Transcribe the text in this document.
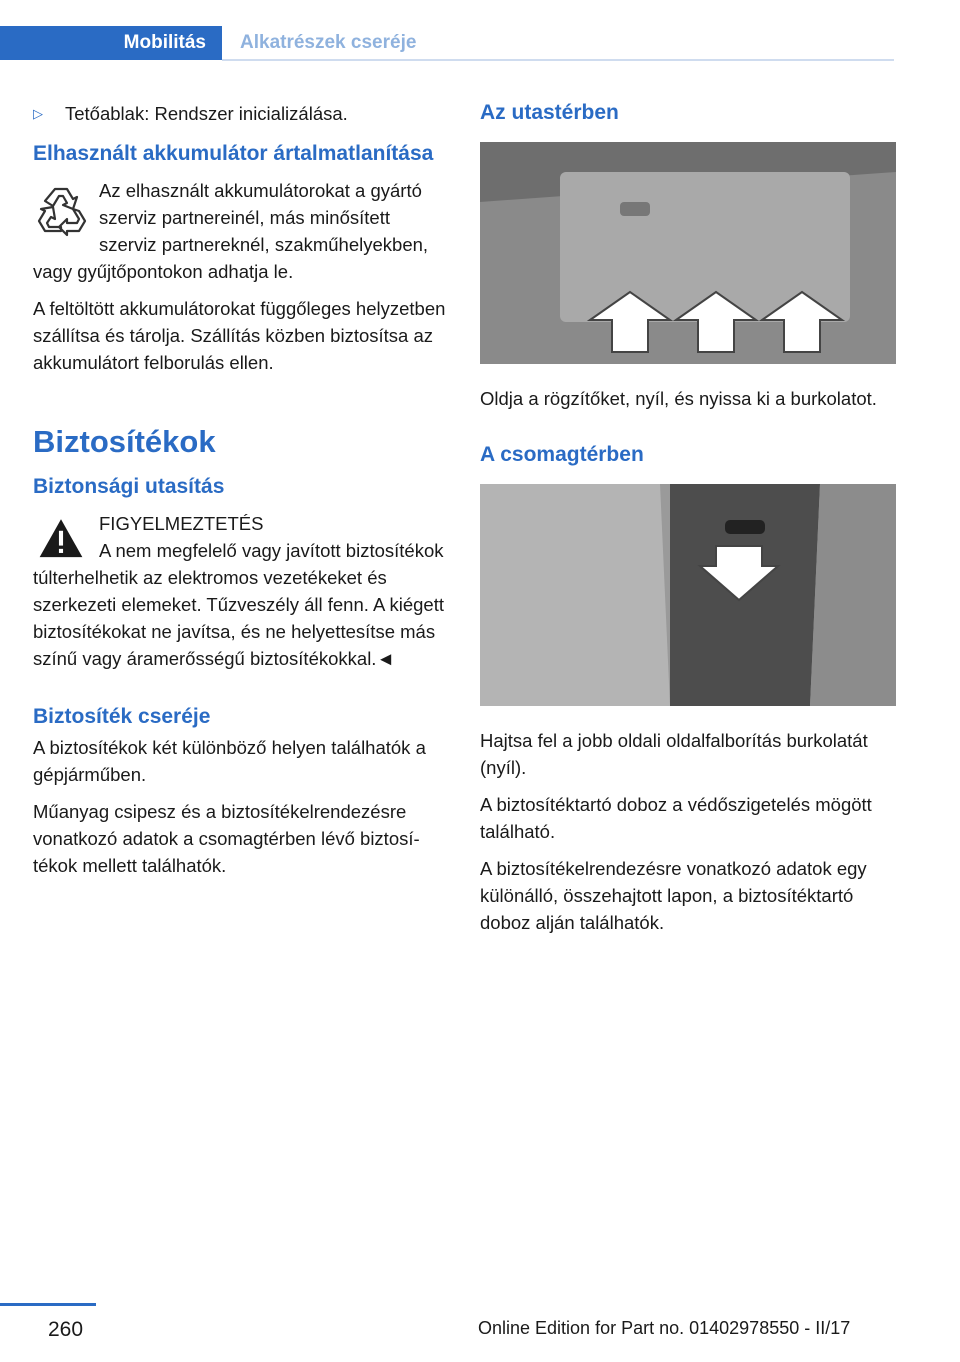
Mobilitás	Alkatrészek cseréje
▷	Tetőablak: Rendszer inicializálása.
Elhasznált akkumulátor ártalmatlanítása

Az elhasznált akkumulátorokat a gyártó szerviz partnereinél, más minősített szerviz partnereknél, szakműhelyekben, vagy gyűjtőpontokon adhatja le.

A feltöltött akkumulátorokat függőleges helyzetben szállítsa és tárolja. Szállítás közben biztosítsa az akkumulátort felborulás ellen.

Biztosítékok
Biztonsági utasítás
FIGYELMEZTETÉS

A nem megfelelő vagy javított biztosítékok túlterhelhetik az elektromos vezetékeket és szerkezeti elemeket. Tűzveszély áll fenn. A kiégett biztosítékokat ne javítsa, és ne helyettesítse más színű vagy áramerősségű biztosítékokkal.◄

Biztosíték cseréje

A biztosítékok két különböző helyen találhatók a gépjárműben.

Műanyag csipesz és a biztosítékelrendezésre vonatkozó adatok a csomagtérben lévő biztosítékok mellett találhatók.

Az utastérben

Oldja a rögzítőket, nyíl, és nyissa ki a burkolatot.

A csomagtérben

Hajtsa fel a jobb oldali oldalfalborítás burkolatát (nyíl).

A biztosítéktartó doboz a védőszigetelés mögött található.

A biztosítékelrendezésre vonatkozó adatok egy különálló, összehajtott lapon, a biztosítéktartó doboz alján találhatók.

260	Online Edition for Part no. 01402978550 - II/17
